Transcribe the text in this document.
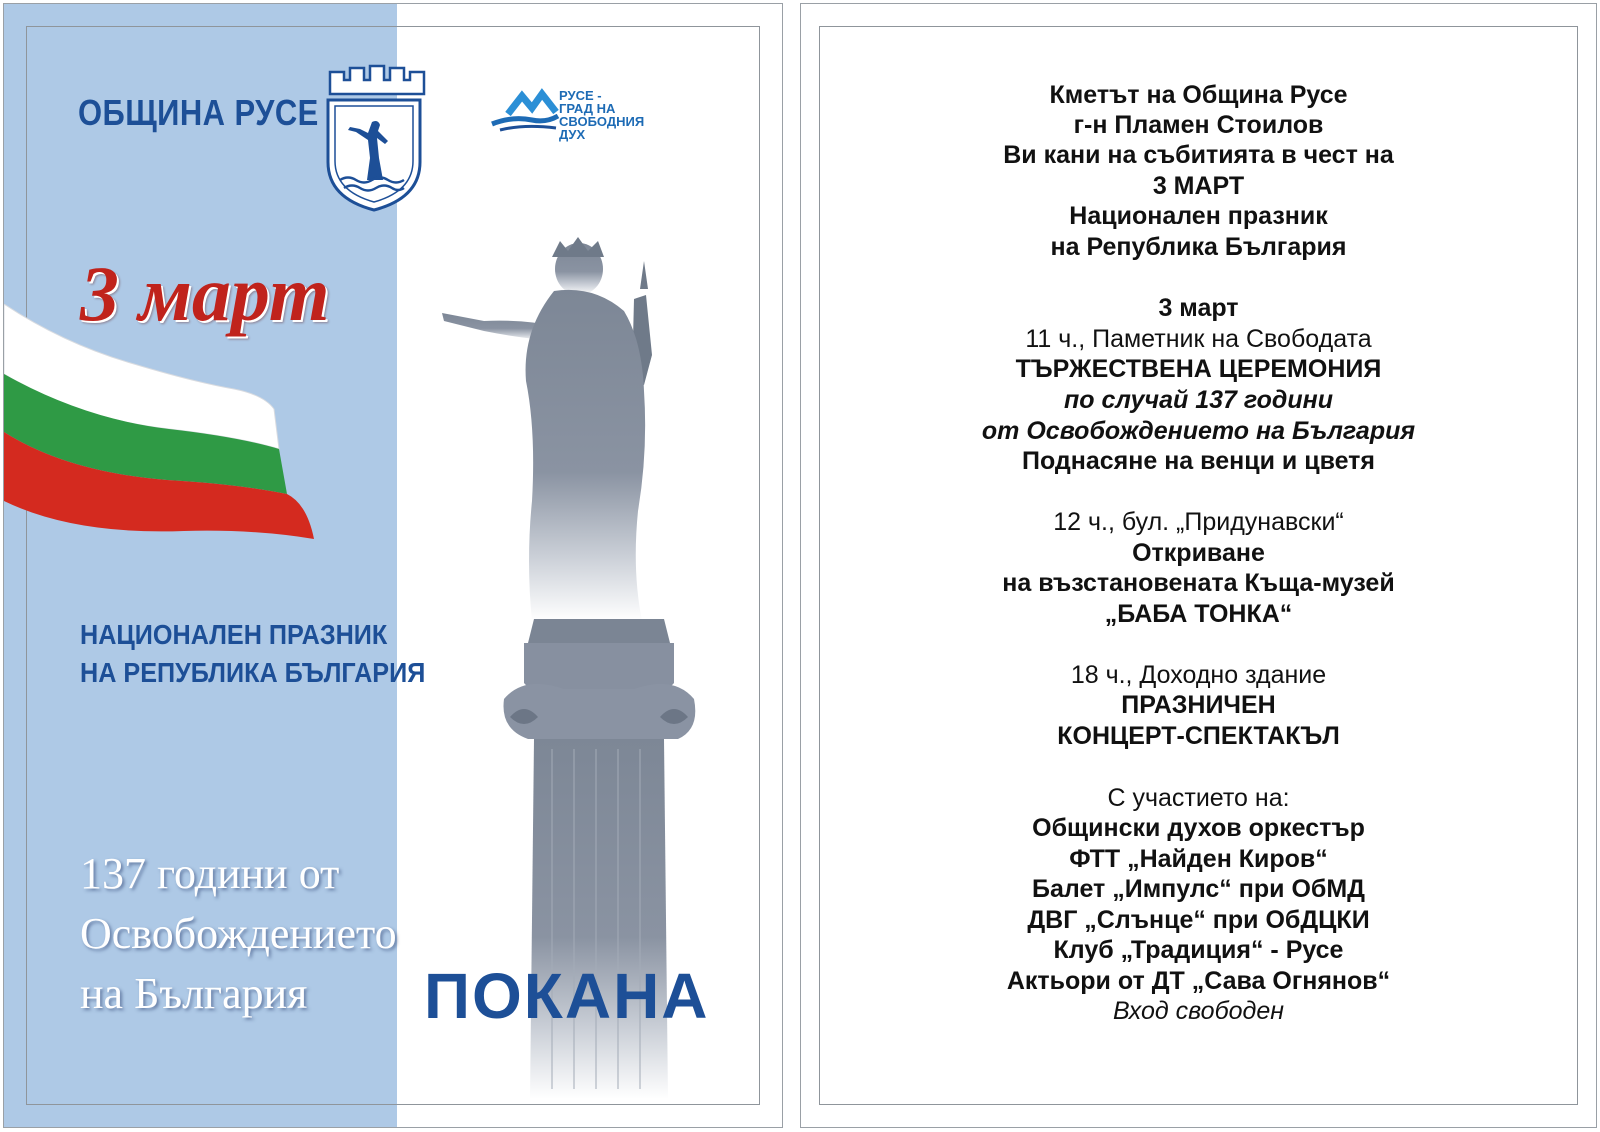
РУСЕ -
ГРАД НА
СВОБОДНИЯ
ДУХ

ОБЩИНА РУСЕ

3 март

НАЦИОНАЛЕН ПРАЗНИК
НА РЕПУБЛИКА БЪЛГАРИЯ

137 години от
Освобождението
на България	ПОКАНА

Кметът на Община Русе
г-н Пламен Стоилов
Ви кани на събитията в чест на
3 МАРТ
Национален празник
на Република България
3 март
11 ч., Паметник на Свободата
ТЪРЖЕСТВЕНА ЦЕРЕМОНИЯ
по случай 137 години
от Освобождението на България
Поднасяне на венци и цветя
12 ч., бул. „Придунавски“
Откриване
на възстановената Къща-музей
„БАБА ТОНКА“
18 ч., Доходно здание
ПРАЗНИЧЕН
КОНЦЕРТ-СПЕКТАКЪЛ
С участието на:
Общински духов оркестър
ФТТ „Найден Киров“
Балет „Импулс“ при ОбМД
ДВГ „Слънце“ при ОбДЦКИ
Клуб „Традиция“ - Русе
Актьори от ДТ „Сава Огнянов“
Вход свободен
